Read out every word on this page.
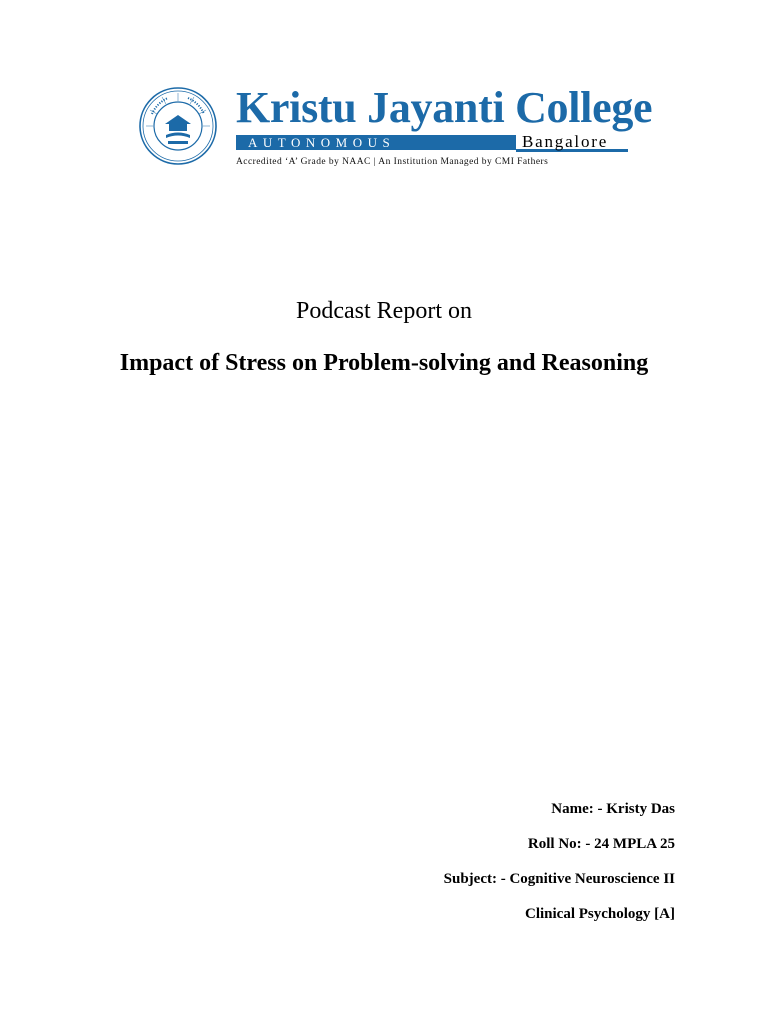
Kristu Jayanti College
AUTONOMOUS	Bangalore
Accredited ‘A’ Grade by NAAC | An Institution Managed by CMI Fathers

Podcast Report on

Impact of Stress on Problem-solving and Reasoning

Name: - Kristy Das

Roll No: - 24 MPLA 25

Subject: - Cognitive Neuroscience II

Clinical Psychology [A]
